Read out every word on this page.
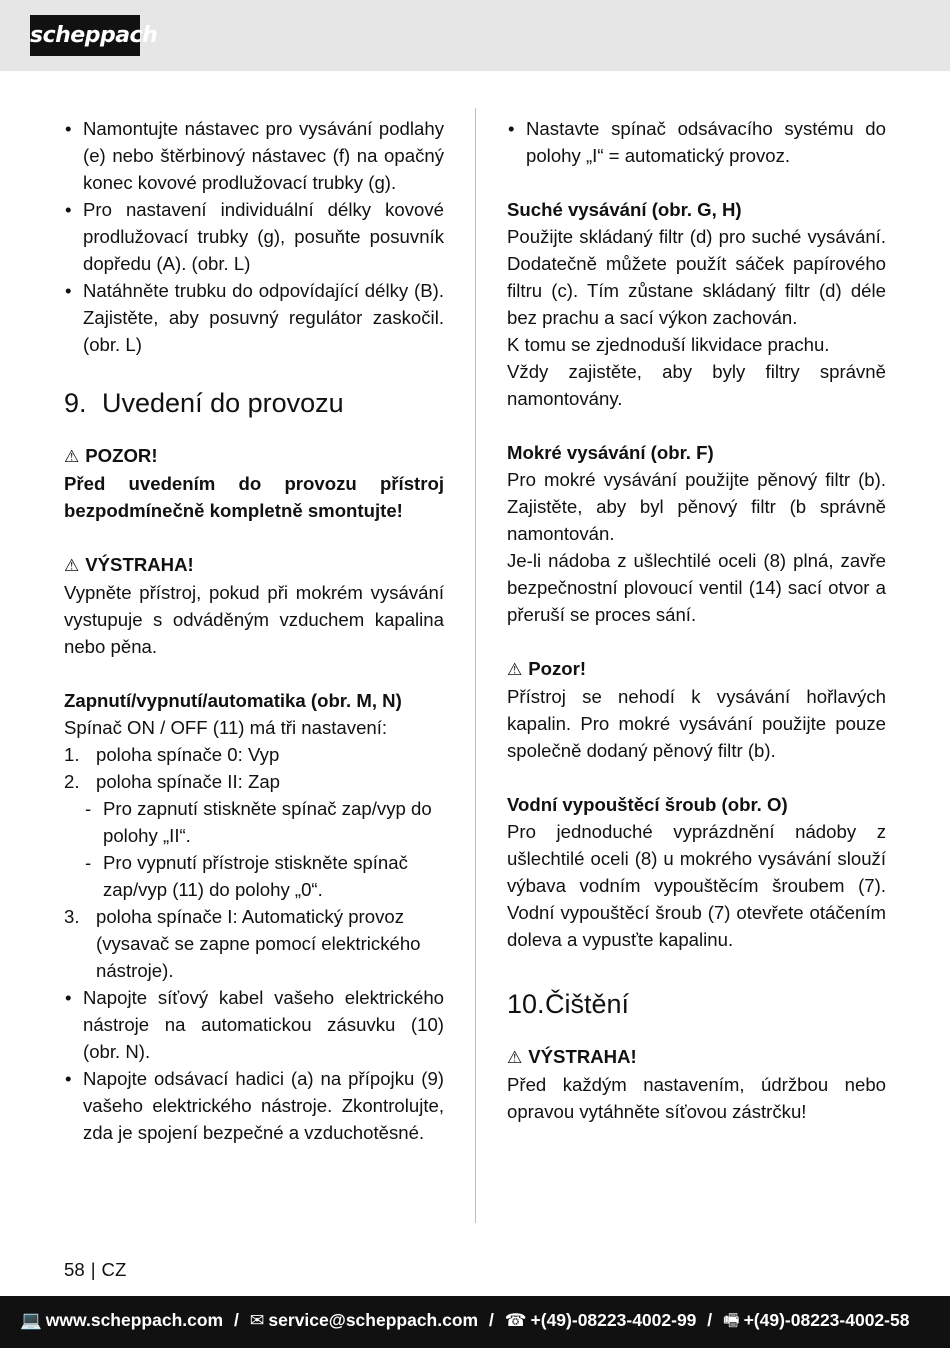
scheppach
• Namontujte nástavec pro vysávání podlahy (e) nebo štěrbinový nástavec (f) na opačný konec kovové prodlužovací trubky (g).
• Pro nastavení individuální délky kovové prodlužovací trubky (g), posuňte posuvník dopředu (A). (obr. L)
• Natáhněte trubku do odpovídající délky (B). Zajistěte, aby posuvný regulátor zaskočil. (obr. L)
9. Uvedení do provozu
⚠ POZOR!
Před uvedením do provozu přístroj bezpodmínečně kompletně smontujte!
⚠ VÝSTRAHA!
Vypněte přístroj, pokud při mokrém vysávání vystupuje s odváděným vzduchem kapalina nebo pěna.
Zapnutí/vypnutí/automatika (obr. M, N)
Spínač ON / OFF (11) má tři nastavení:
1. poloha spínače 0: Vyp
2. poloha spínače II: Zap
- Pro zapnutí stiskněte spínač zap/vyp do polohy „II“.
- Pro vypnutí přístroje stiskněte spínač zap/vyp (11) do polohy „0“.
3. poloha spínače I: Automatický provoz (vysavač se zapne pomocí elektrického nástroje).
• Napojte síťový kabel vašeho elektrického nástroje na automatickou zásuvku (10) (obr. N).
• Napojte odsávací hadici (a) na přípojku (9) vašeho elektrického nástroje. Zkontrolujte, zda je spojení bezpečné a vzduchotěsné.
• Nastavte spínač odsávacího systému do polohy „I“ = automatický provoz.
Suché vysávání (obr. G, H)
Použijte skládaný filtr (d) pro suché vysávání. Dodatečně můžete použít sáček papírového filtru (c). Tím zůstane skládaný filtr (d) déle bez prachu a sací výkon zachován.
K tomu se zjednoduší likvidace prachu.
Vždy zajistěte, aby byly filtry správně namontovány.
Mokré vysávání (obr. F)
Pro mokré vysávání použijte pěnový filtr (b). Zajistěte, aby byl pěnový filtr (b správně namontován.
Je-li nádoba z ušlechtilé oceli (8) plná, zavře bezpečnostní plovoucí ventil (14) sací otvor a přeruší se proces sání.
⚠ Pozor!
Přístroj se nehodí k vysávání hořlavých kapalin. Pro mokré vysávání použijte pouze společně dodaný pěnový filtr (b).
Vodní vypouštěcí šroub (obr. O)
Pro jednoduché vyprázdnění nádoby z ušlechtilé oceli (8) u mokrého vysávání slouží výbava vodním vypouštěcím šroubem (7). Vodní vypouštěcí šroub (7) otevřete otáčením doleva a vypusťte kapalinu.
10.Čištění
⚠ VÝSTRAHA!
Před každým nastavením, údržbou nebo opravou vytáhněte síťovou zástrčku!
58 | CZ
💻 www.scheppach.com / ✉ service@scheppach.com / ☎ +(49)-08223-4002-99 / 🖷 +(49)-08223-4002-58
